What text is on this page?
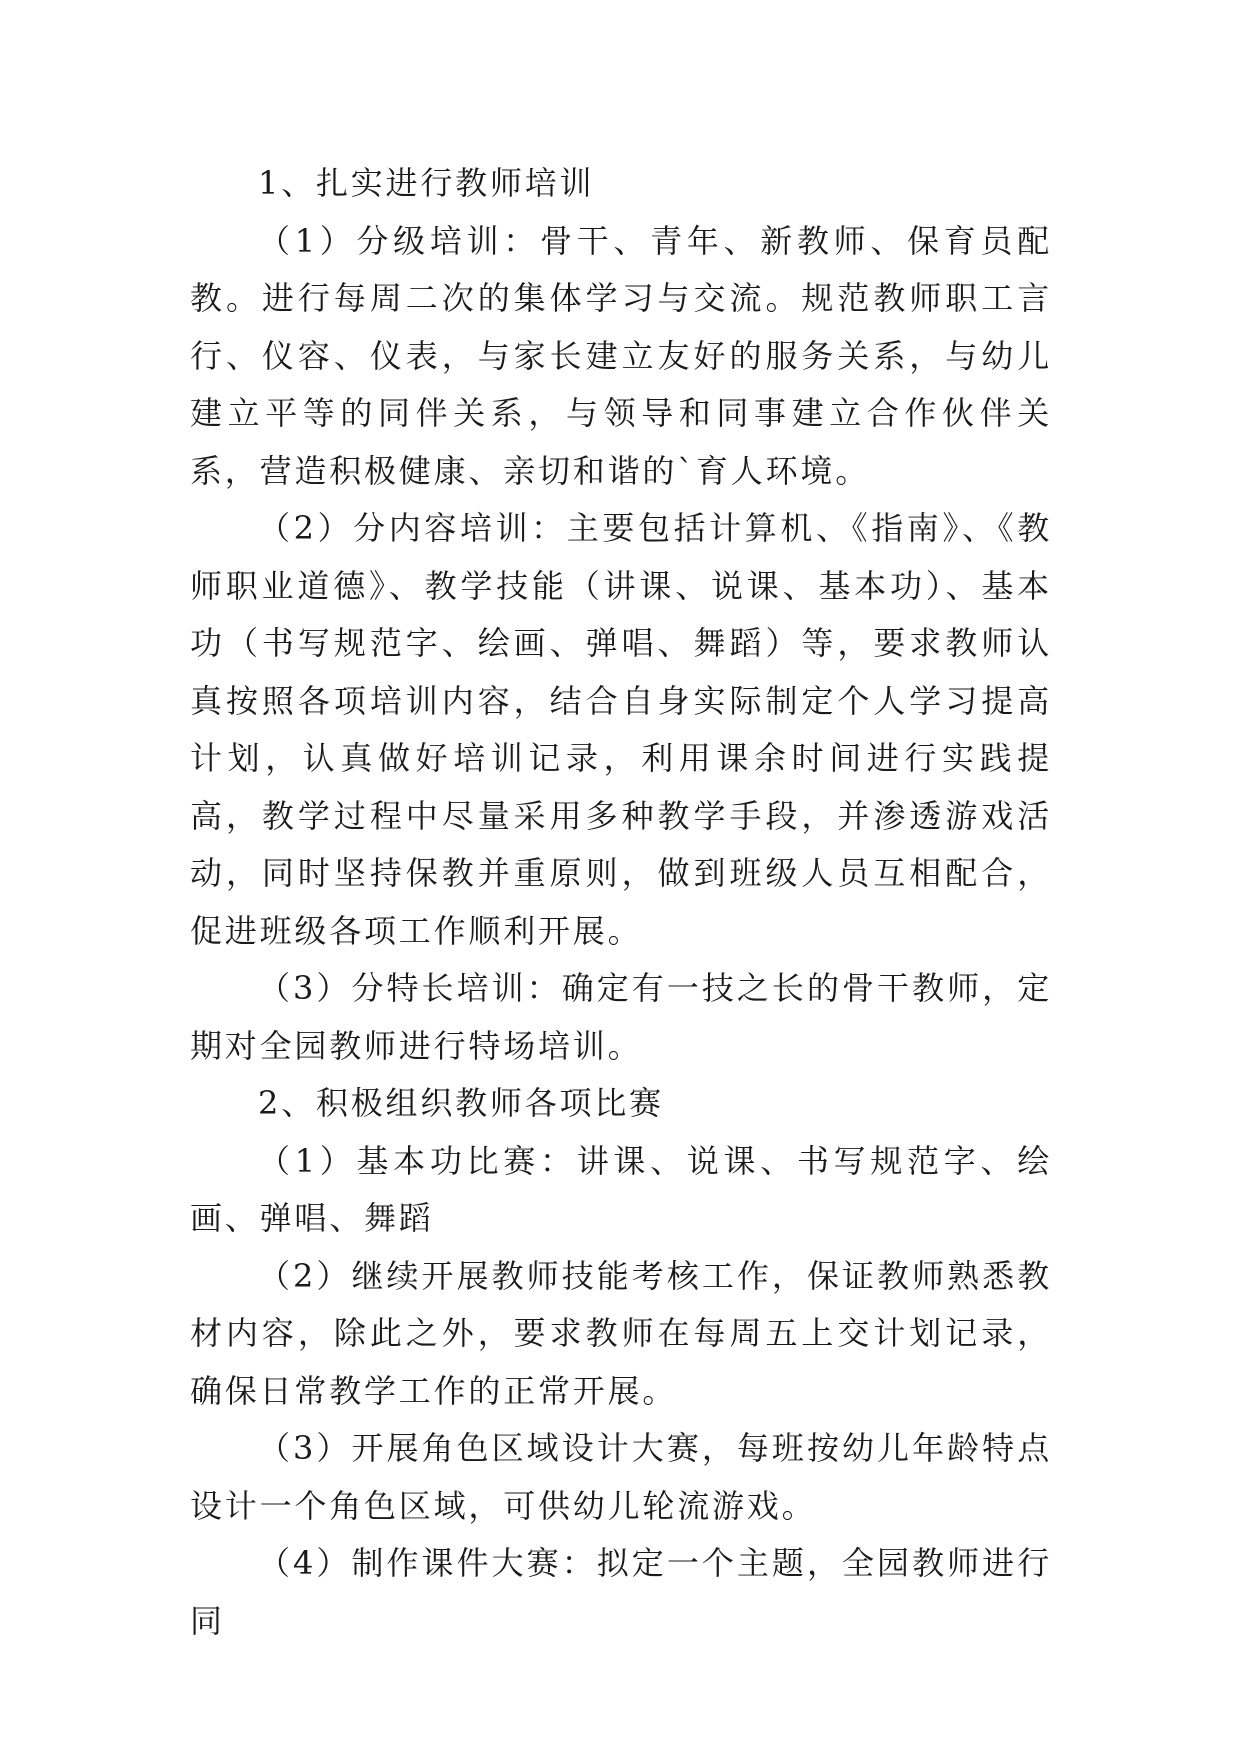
1、扎实进行教师培训

（1）分级培训：骨干、青年、新教师、保育员配教。进行每周二次的集体学习与交流。规范教师职工言行、仪容、仪表，与家长建立友好的服务关系，与幼儿建立平等的同伴关系，与领导和同事建立合作伙伴关系，营造积极健康、亲切和谐的`育人环境。

（2）分内容培训：主要包括计算机、《指南》、《教师职业道德》、教学技能（讲课、说课、基本功）、基本功（书写规范字、绘画、弹唱、舞蹈）等，要求教师认真按照各项培训内容，结合自身实际制定个人学习提高计划，认真做好培训记录，利用课余时间进行实践提高，教学过程中尽量采用多种教学手段，并渗透游戏活动，同时坚持保教并重原则，做到班级人员互相配合，促进班级各项工作顺利开展。

（3）分特长培训：确定有一技之长的骨干教师，定期对全园教师进行特场培训。

2、积极组织教师各项比赛

（1）基本功比赛：讲课、说课、书写规范字、绘画、弹唱、舞蹈

（2）继续开展教师技能考核工作，保证教师熟悉教材内容，除此之外，要求教师在每周五上交计划记录，确保日常教学工作的正常开展。

（3）开展角色区域设计大赛，每班按幼儿年龄特点设计一个角色区域，可供幼儿轮流游戏。

（4）制作课件大赛：拟定一个主题，全园教师进行同
